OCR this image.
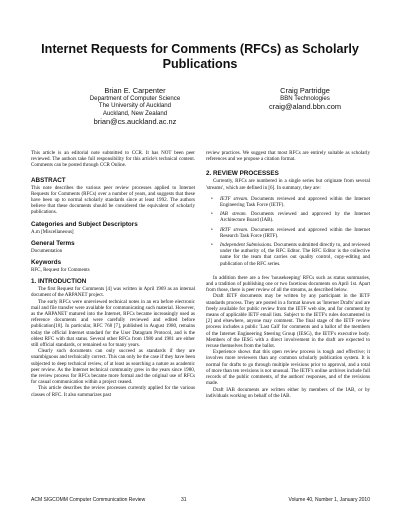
Internet Requests for Comments (RFCs) as Scholarly Publications
Brian E. Carpenter
Department of Computer Science
The University of Auckland
Auckland, New Zealand
brian@cs.auckland.ac.nz
Craig Partridge
BBN Technologies
craig@aland.bbn.com

This article is an editorial note submitted to CCR. It has NOT been peer reviewed. The authors take full responsibility for this article's technical content. Comments can be posted through CCR Online.

ABSTRACT

This note describes the various peer review processes applied to Internet Requests for Comments (RFCs) over a number of years, and suggests that these have been up to normal scholarly standards since at least 1992. The authors believe that these documents should be considered the equivalent of scholarly publications.

Categories and Subject Descriptors

A.m [Miscellaneous]

General Terms

Documentation

Keywords

RFC, Request for Comments

1. INTRODUCTION

The first Request for Comments [4] was written in April 1969 as an internal document of the ARPANET project.

The early RFCs were unreviewed technical notes in an era before electronic mail and file transfer were available for communicating such material. However, as the ARPANET matured into the Internet, RFCs became increasingly used as reference documents and were carefully reviewed and edited before publication[18]. In particular, RFC 768 [7], published in August 1980, remains today the official Internet standard for the User Datagram Protocol, and is the oldest RFC with that status. Several other RFCs from 1980 and 1981 are either still official standards, or remained so for many years.

Clearly such documents can only succeed as standards if they are unambiguous and technically correct. This can only be the case if they have been subjected to deep technical review, of at least as searching a nature as academic peer review. As the Internet technical community grew in the years since 1980, the review process for RFCs became more formal and the original use of RFCs for casual communication within a project ceased.

This article describes the review processes currently applied for the various classes of RFC. It also summarizes past

review practices. We suggest that most RFCs are entirely suitable as scholarly references and we propose a citation format.

2. REVIEW PROCESSES

Currently, RFCs are numbered in a single series but originate from several 'streams', which are defined in [6]. In summary, they are:

• IETF stream. Documents reviewed and approved within the Internet Engineering Task Force (IETF).

• IAB stream. Documents reviewed and approved by the Internet Architecture Board (IAB).

• IRTF stream. Documents reviewed and approved within the Internet Research Task Force (IRTF).

• Independent Submissions. Documents submitted directly to, and reviewed under the authority of, the RFC Editor. The RFC Editor is the collective name for the team that carries out quality control, copy-editing and publication of the RFC series.

In addition there are a few 'housekeeping' RFCs such as status summaries, and a tradition of publishing one or two facetious documents on April 1st. Apart from those, there is peer review of all the streams, as described below.

Draft IETF documents may be written by any participant in the IETF standards process. They are posted in a format known as 'Internet Drafts' and are freely available for public review from the IETF web site, and for comment by means of applicable IETF email lists. Subject to the IETF's rules documented in [2] and elsewhere, anyone may comment. The final stage of the IETF review process includes a public 'Last Call' for comments and a ballot of the members of the Internet Engineering Steering Group (IESG), the IETF's executive body. Members of the IESG with a direct involvement in the draft are expected to recuse themselves from the ballot.

Experience shows that this open review process is tough and effective; it involves more reviewers than any common scholarly publication system. It is normal for drafts to go through multiple revisions prior to approval, and a total of more than ten revisions is not unusual. The IETF's online archives include full records of the public comments, of the authors' responses, and of the revisions made.

Draft IAB documents are written either by members of the IAB, or by individuals working on behalf of the IAB.

ACM SIGCOMM Computer Communication Review	31	Volume 40, Number 1, January 2010
